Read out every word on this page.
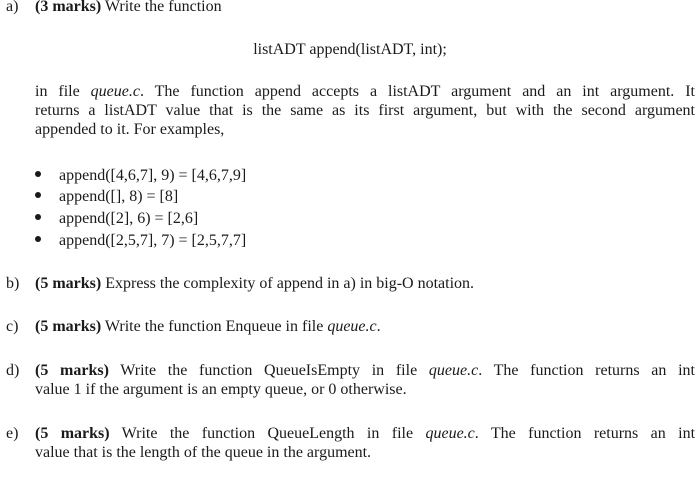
a) (3 marks) Write the function
listADT append(listADT, int);
in file queue.c. The function append accepts a listADT argument and an int argument. It
returns a listADT value that is the same as its first argument, but with the second argument
appended to it. For examples,
append([4,6,7], 9) = [4,6,7,9]
append([], 8) = [8]
append([2], 6) = [2,6]
append([2,5,7], 7) = [2,5,7,7]
b) (5 marks) Express the complexity of append in a) in big-O notation.
c) (5 marks) Write the function Enqueue in file queue.c.
d) (5 marks) Write the function QueueIsEmpty in file queue.c. The function returns an int
value 1 if the argument is an empty queue, or 0 otherwise.
e) (5 marks) Write the function QueueLength in file queue.c. The function returns an int
value that is the length of the queue in the argument.
